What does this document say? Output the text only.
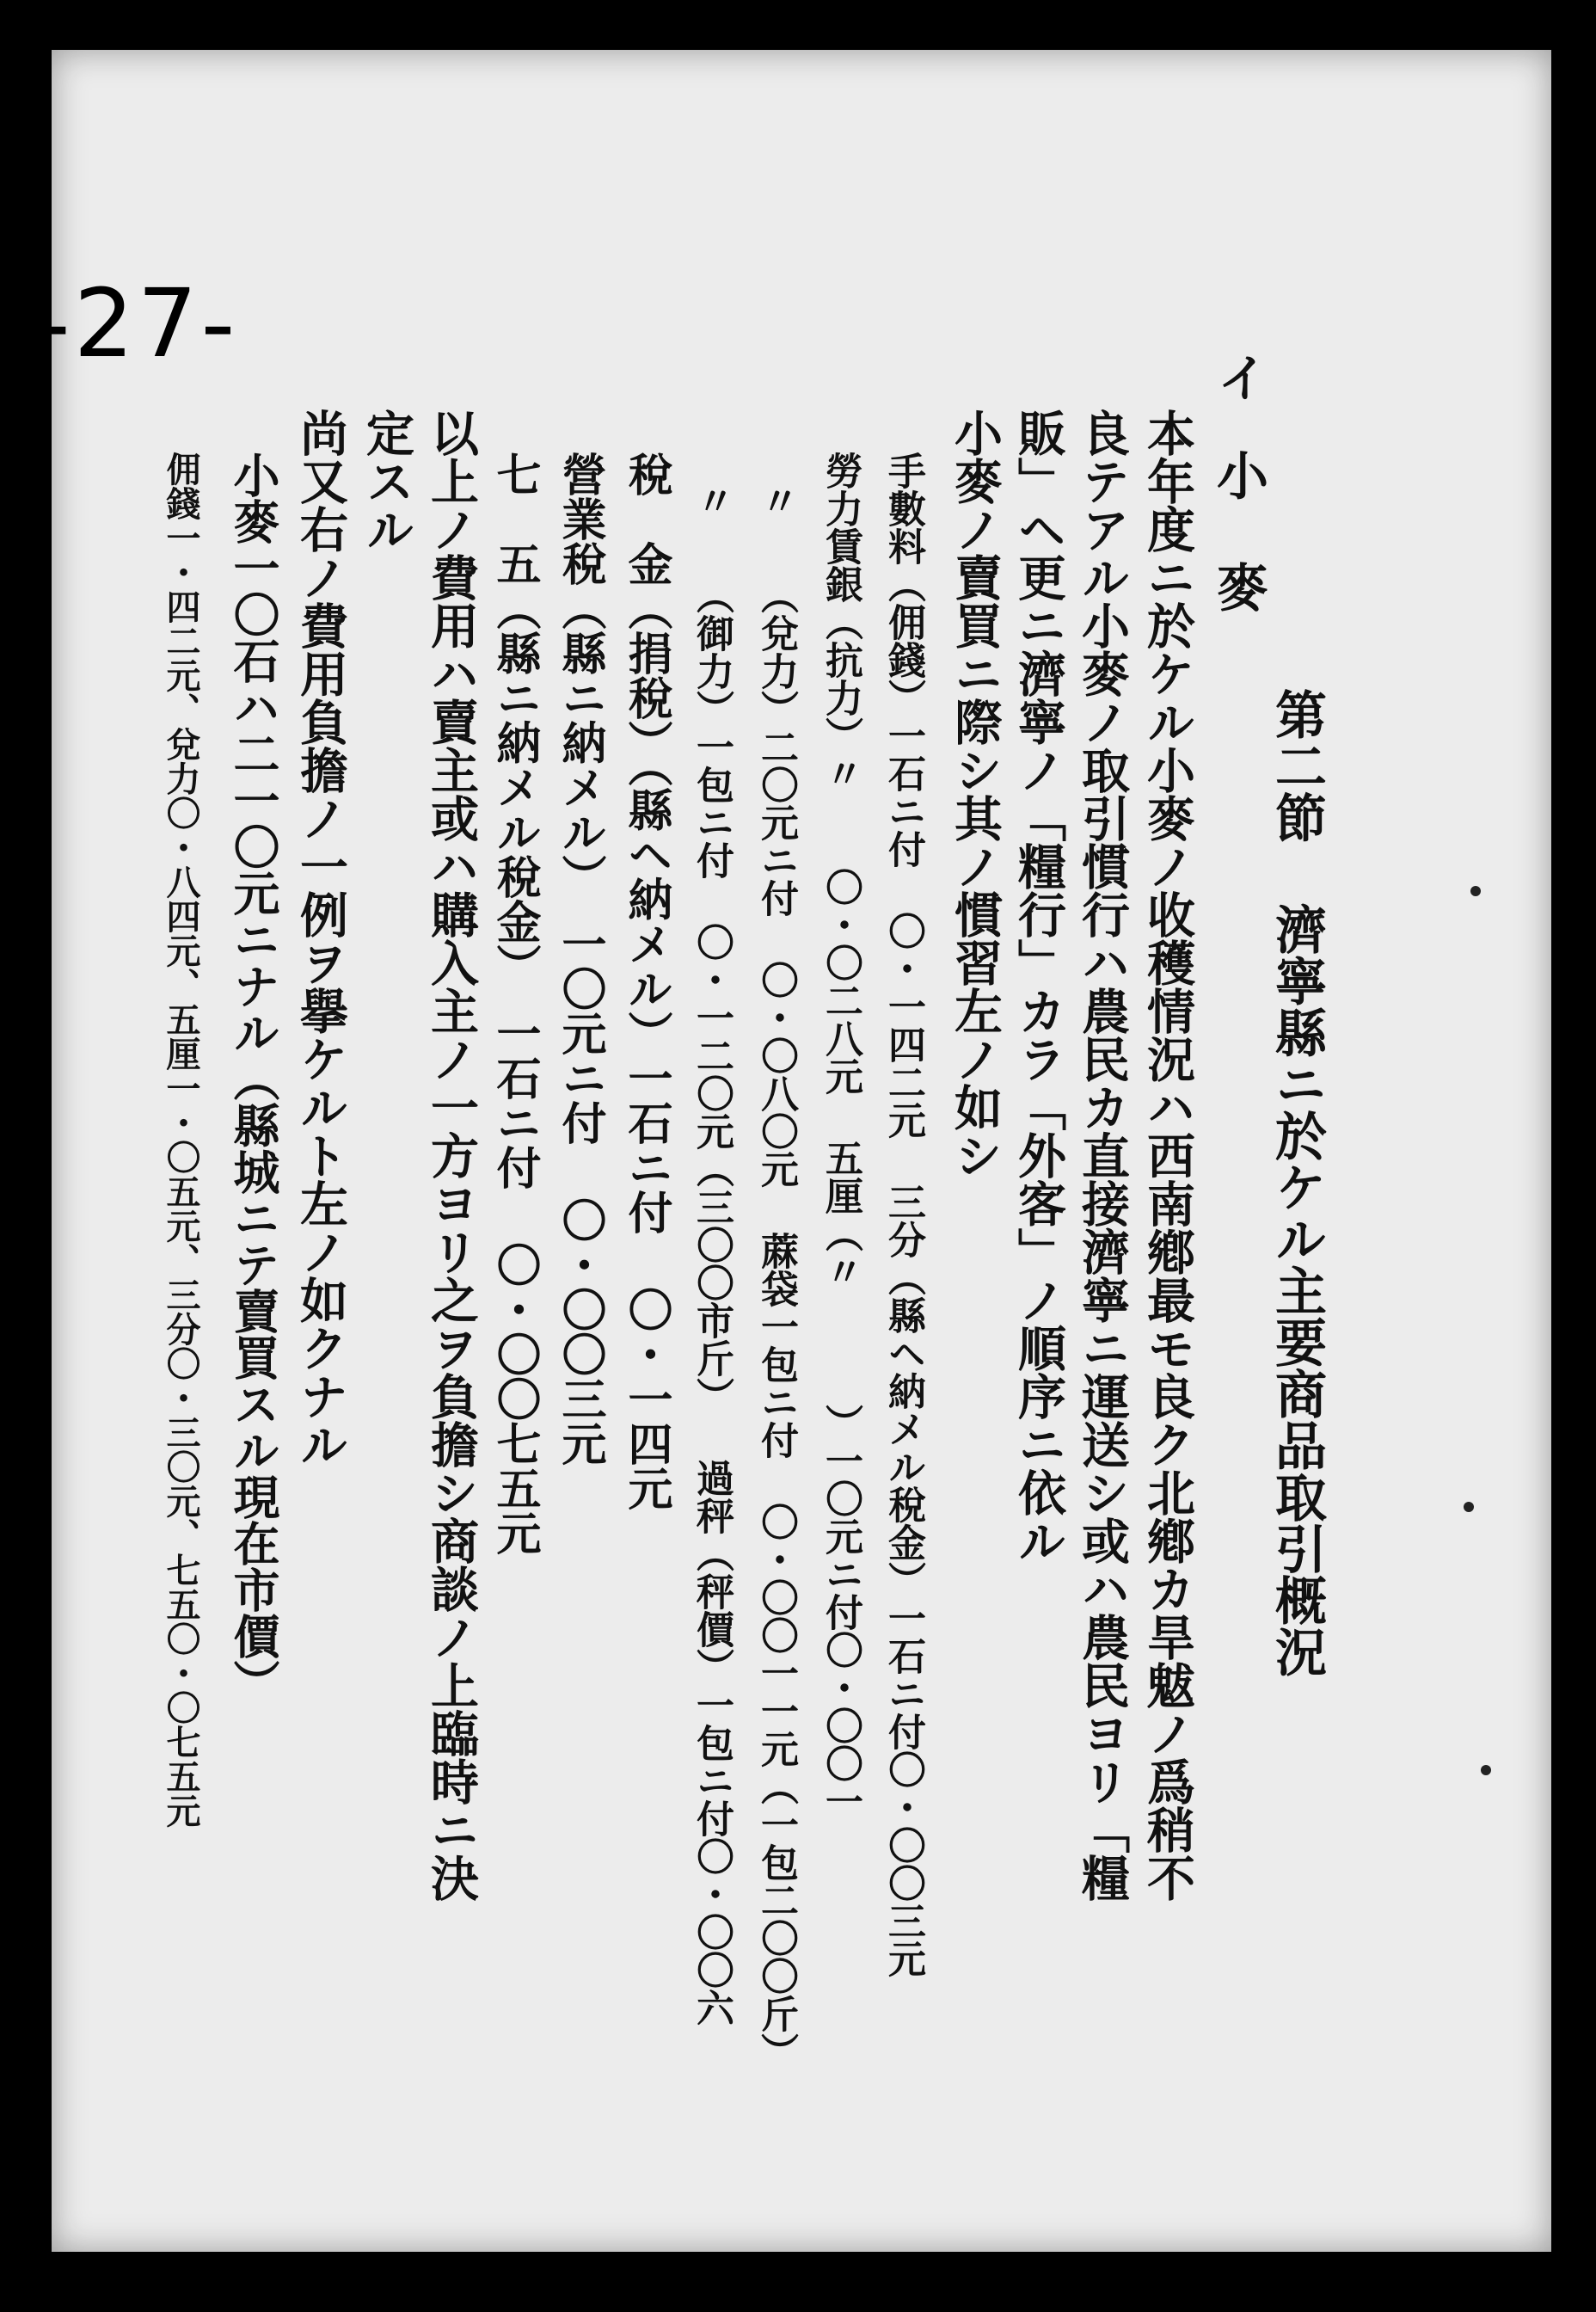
-27-
第二節 濟寧縣ニ於ケル主要商品取引概況
イ
小 麥
本年度ニ於ケル小麥ノ收穫情況ハ西南鄕最モ良ク北鄕カ旱魃ノ爲稍不
良テアル小麥ノ取引慣行ハ農民カ直接濟寧ニ運送シ或ハ農民ヨリ「糧
販」ヘ更ニ濟寧ノ「糧行」カラ「外客」ノ順序ニ依ル
小麥ノ賣買ニ際シ其ノ慣習左ノ如シ
手數料（佣錢）一石ニ付 〇・一四二元 三分（縣ヘ納メル稅金）一石ニ付〇・〇〇三元
勞力賃銀（抗力）〃　　〇・〇二八元 五厘（〃　　　）一〇元ニ付〇・〇〇一
〃　　（兌力）二〇元ニ付 〇・〇八〇元 蔴袋一包ニ付 〇・〇〇一一元（一包二〇〇斤）
〃　　（御力）一包ニ付 〇・一二〇元（三〇〇市斤） 過秤（秤價）一包ニ付〇・〇〇六
稅　金（捐稅）（縣ヘ納メル）一石ニ付 〇・一四元
營業稅（縣ニ納メル）　一〇元ニ付 〇・〇〇三元
七　五（縣ニ納メル稅金）　一石ニ付 〇・〇〇七五元
以上ノ費用ハ賣主或ハ購入主ノ一方ヨリ之ヲ負擔シ商談ノ上臨時ニ決
定スル
尚又右ノ費用負擔ノ一例ヲ擧ケルト左ノ如クナル
小麥一〇石ハ二一〇元ニナル（縣城ニテ賣買スル現在市價）
佣錢一・四二元、兌力〇・八四元、五厘一・〇五元、三分〇・三〇元、七五〇・〇七五元
